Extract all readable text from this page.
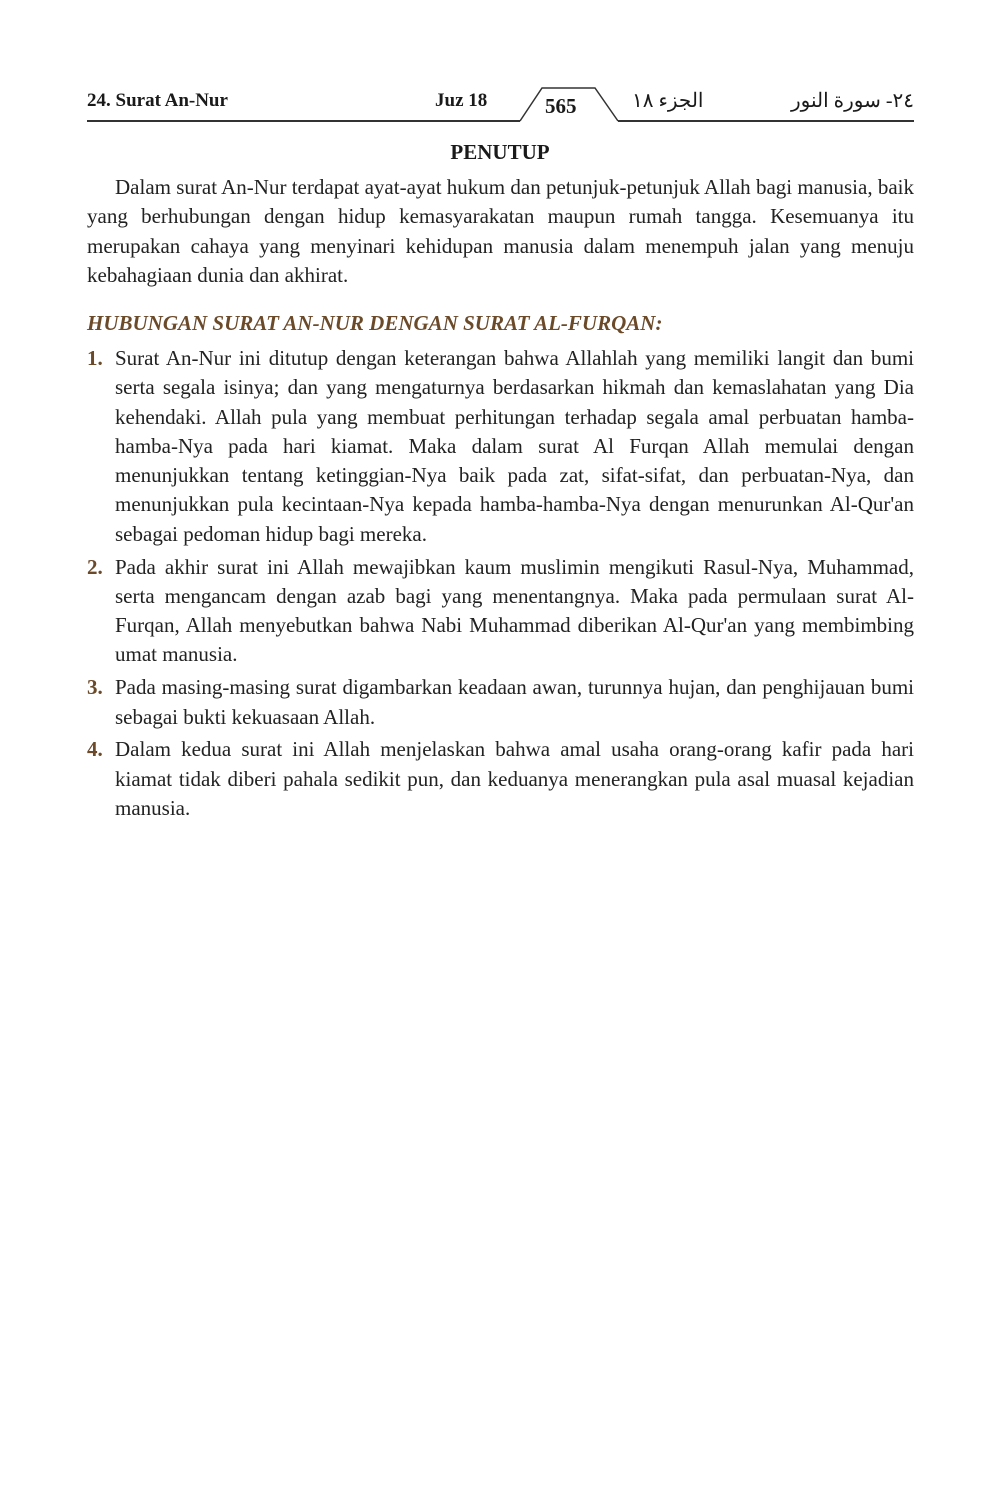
24. Surat An-Nur	Juz 18	565	الجزء ١٨	٢٤- سورة النور
PENUTUP

Dalam surat An-Nur terdapat ayat-ayat hukum dan petunjuk-petunjuk Allah bagi manusia, baik yang berhubungan dengan hidup kemasyarakatan maupun rumah tangga. Kesemuanya itu merupakan cahaya yang menyinari kehidupan manusia dalam menempuh jalan yang menuju kebahagiaan dunia dan akhirat.

HUBUNGAN SURAT AN-NUR DENGAN SURAT AL-FURQAN:
1. Surat An-Nur ini ditutup dengan keterangan bahwa Allahlah yang memiliki langit dan bumi serta segala isinya; dan yang mengaturnya berdasarkan hikmah dan kemaslahatan yang Dia kehendaki. Allah pula yang membuat perhitungan terhadap segala amal perbuatan hamba-hamba-Nya pada hari kiamat. Maka dalam surat Al Furqan Allah memulai dengan menunjukkan tentang ketinggian-Nya baik pada zat, sifat-sifat, dan perbuatan-Nya, dan menunjukkan pula kecintaan-Nya kepada hamba-hamba-Nya dengan menurunkan Al-Qur'an sebagai pedoman hidup bagi mereka.
2. Pada akhir surat ini Allah mewajibkan kaum muslimin mengikuti Rasul-Nya, Muhammad, serta mengancam dengan azab bagi yang menentangnya. Maka pada permulaan surat Al-Furqan, Allah menyebutkan bahwa Nabi Muhammad diberikan Al-Qur'an yang membimbing umat manusia.
3. Pada masing-masing surat digambarkan keadaan awan, turunnya hujan, dan penghijauan bumi sebagai bukti kekuasaan Allah.
4. Dalam kedua surat ini Allah menjelaskan bahwa amal usaha orang-orang kafir pada hari kiamat tidak diberi pahala sedikit pun, dan keduanya menerangkan pula asal muasal kejadian manusia.
